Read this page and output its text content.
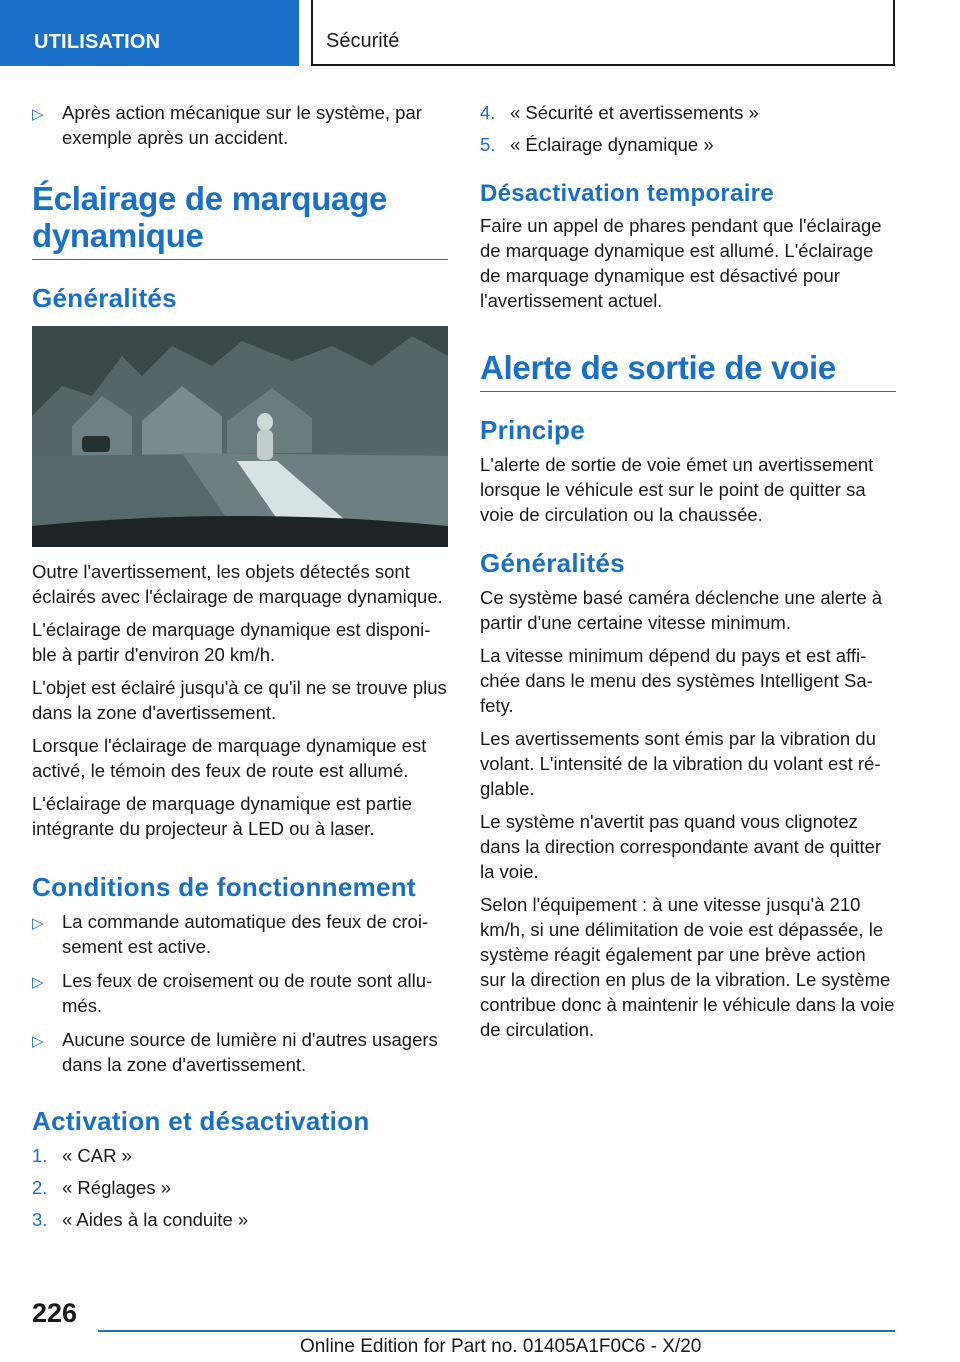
UTILISATION	Sécurité
▷ Après action mécanique sur le système, par exemple après un accident.
Éclairage de marquage dynamique
Généralités

Outre l'avertissement, les objets détectés sont éclairés avec l'éclairage de marquage dynamique.

L'éclairage de marquage dynamique est disponible à partir d'environ 20 km/h.

L'objet est éclairé jusqu'à ce qu'il ne se trouve plus dans la zone d'avertissement.

Lorsque l'éclairage de marquage dynamique est activé, le témoin des feux de route est allumé.

L'éclairage de marquage dynamique est partie intégrante du projecteur à LED ou à laser.

Conditions de fonctionnement
▷ La commande automatique des feux de croisement est active.
▷ Les feux de croisement ou de route sont allumés.
▷ Aucune source de lumière ni d'autres usagers dans la zone d'avertissement.
Activation et désactivation
1. « CAR »
2. « Réglages »
3. « Aides à la conduite »
4. « Sécurité et avertissements »
5. « Éclairage dynamique »
Désactivation temporaire

Faire un appel de phares pendant que l'éclairage de marquage dynamique est allumé. L'éclairage de marquage dynamique est désactivé pour l'avertissement actuel.

Alerte de sortie de voie
Principe

L'alerte de sortie de voie émet un avertissement lorsque le véhicule est sur le point de quitter sa voie de circulation ou la chaussée.

Généralités

Ce système basé caméra déclenche une alerte à partir d'une certaine vitesse minimum.

La vitesse minimum dépend du pays et est affichée dans le menu des systèmes Intelligent Safety.

Les avertissements sont émis par la vibration du volant. L'intensité de la vibration du volant est réglable.

Le système n'avertit pas quand vous clignotez dans la direction correspondante avant de quitter la voie.

Selon l'équipement : à une vitesse jusqu'à 210 km/h, si une délimitation de voie est dépassée, le système réagit également par une brève action sur la direction en plus de la vibration. Le système contribue donc à maintenir le véhicule dans la voie de circulation.

226
Online Edition for Part no. 01405A1F0C6 - X/20
